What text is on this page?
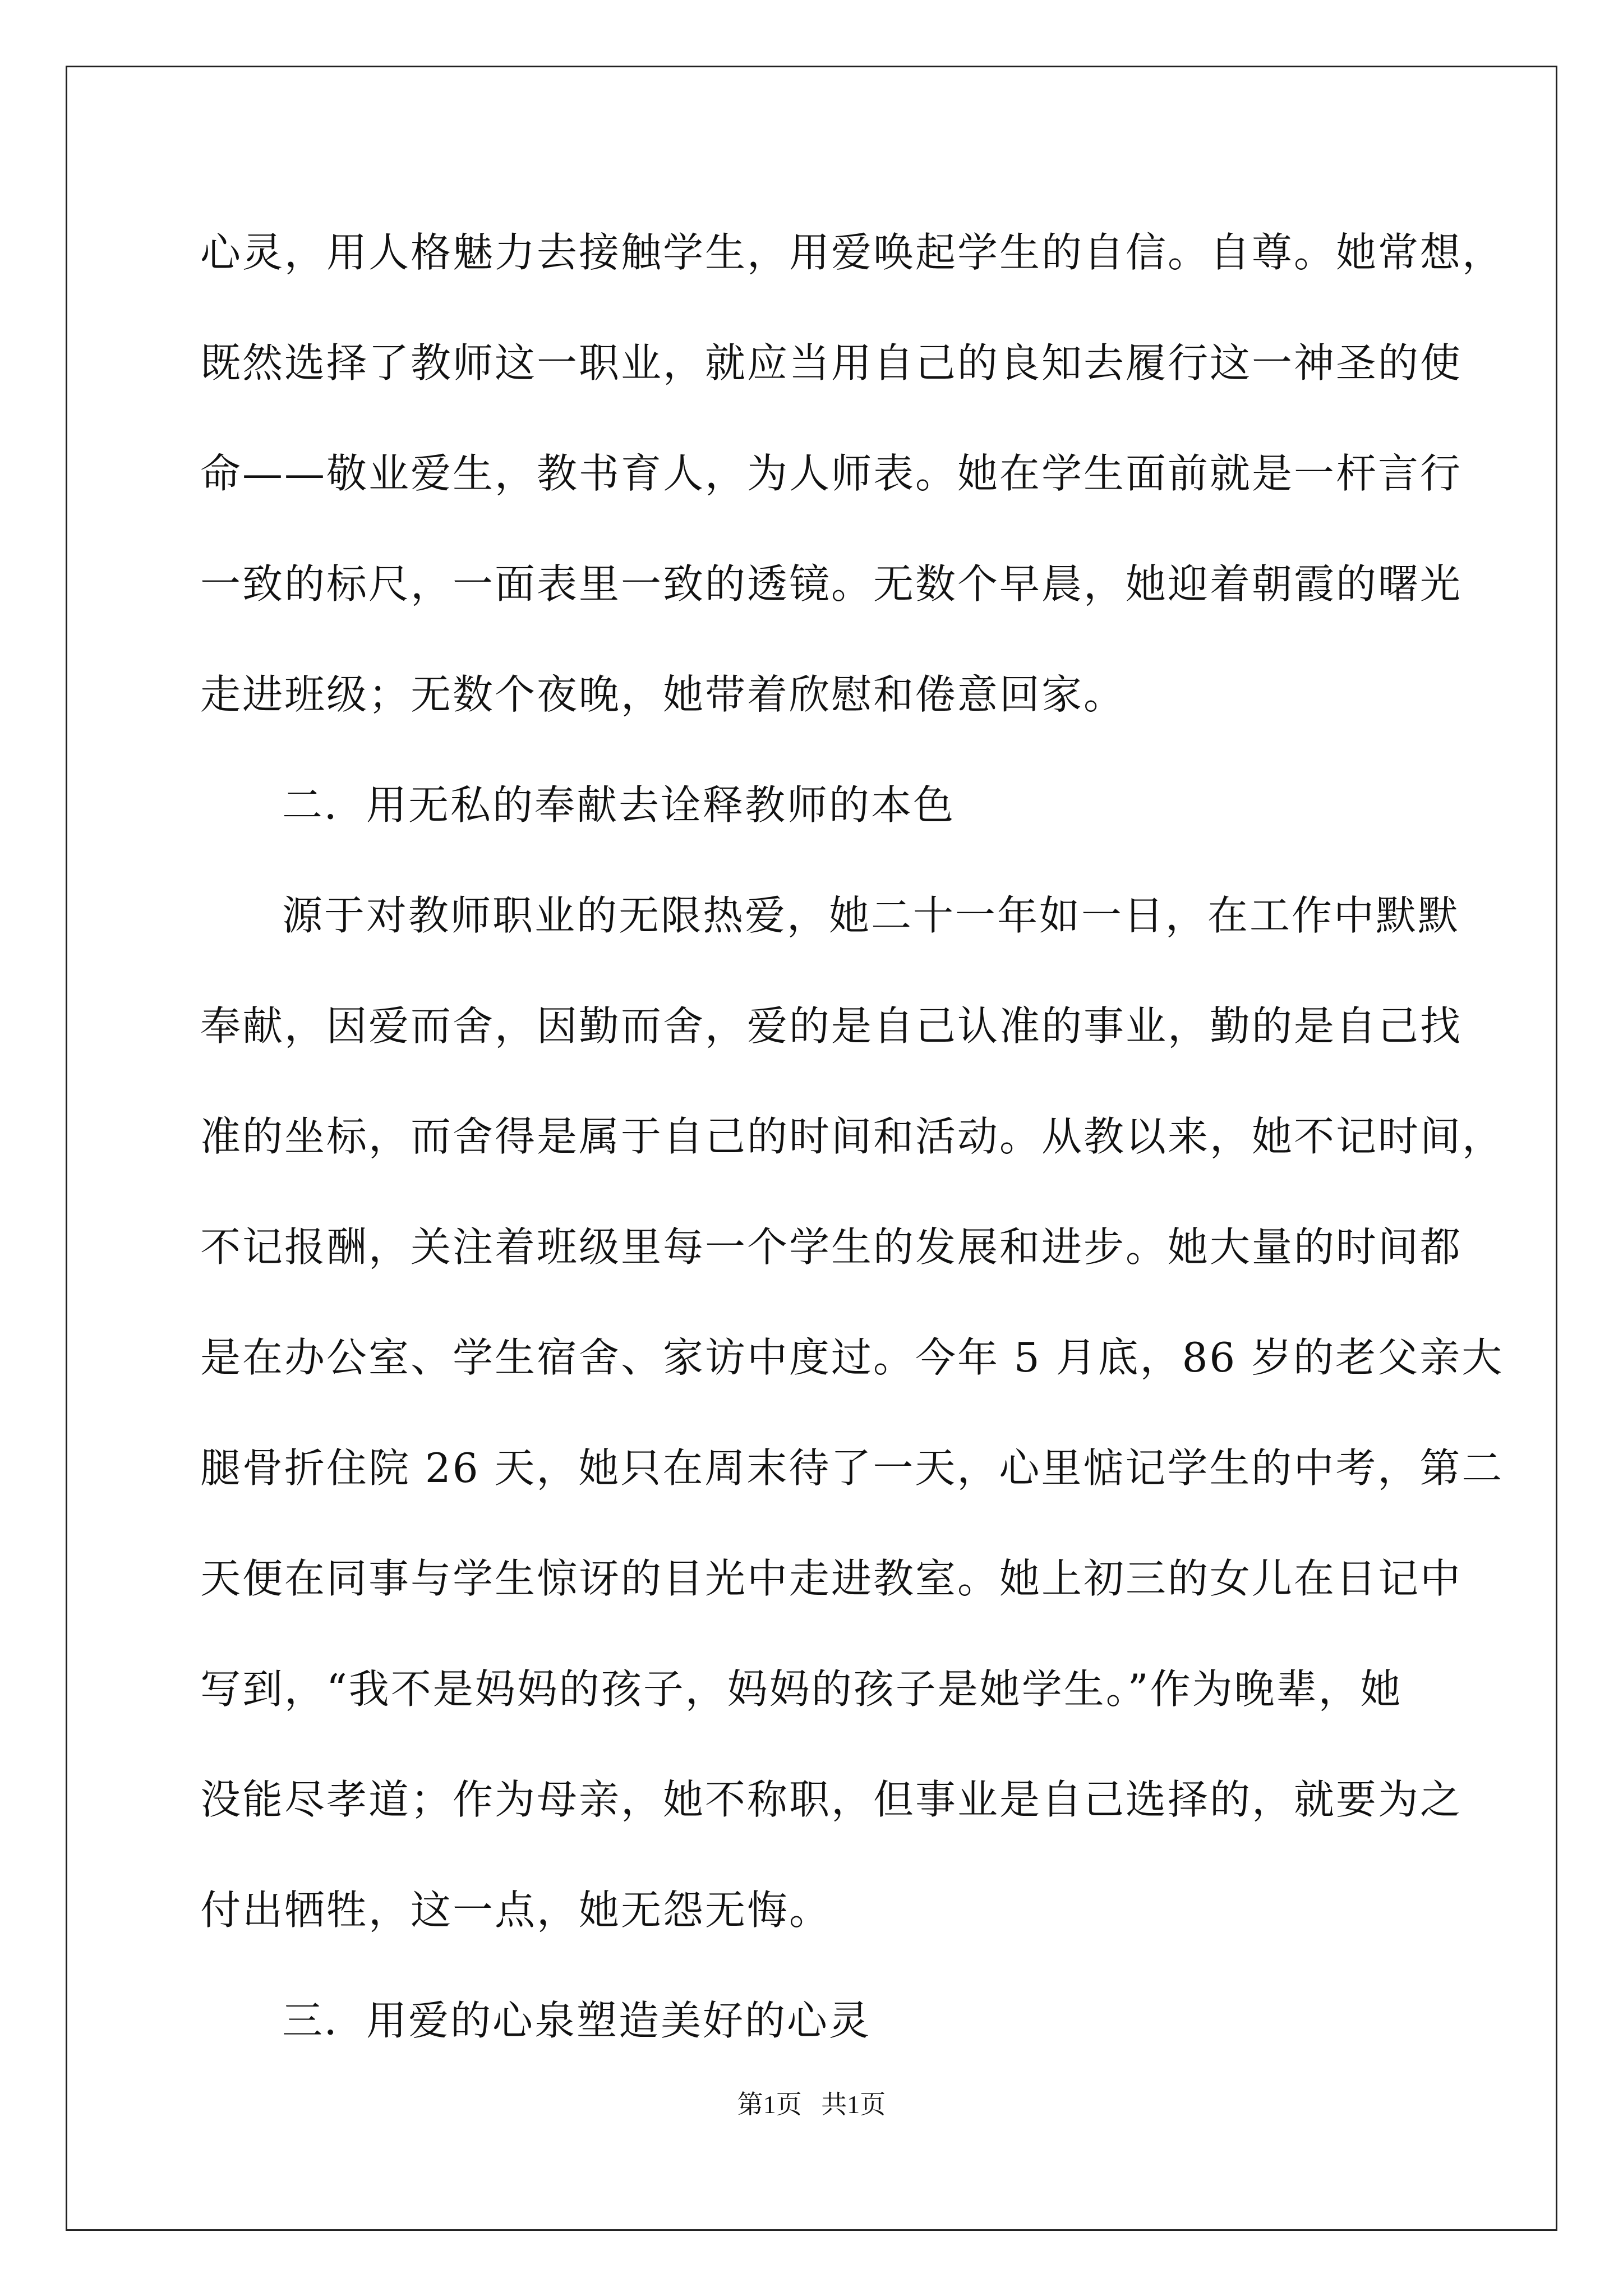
心灵，用人格魅力去接触学生，用爱唤起学生的自信。自尊。她常想，
既然选择了教师这一职业，就应当用自己的良知去履行这一神圣的使
命——敬业爱生，教书育人，为人师表。她在学生面前就是一杆言行
一致的标尺，一面表里一致的透镜。无数个早晨，她迎着朝霞的曙光
走进班级；无数个夜晚，她带着欣慰和倦意回家。
二．用无私的奉献去诠释教师的本色
源于对教师职业的无限热爱，她二十一年如一日，在工作中默默
奉献，因爱而舍，因勤而舍，爱的是自己认准的事业，勤的是自己找
准的坐标，而舍得是属于自己的时间和活动。从教以来，她不记时间，
不记报酬，关注着班级里每一个学生的发展和进步。她大量的时间都
是在办公室、学生宿舍、家访中度过。今年 5 月底，86 岁的老父亲大
腿骨折住院 26 天，她只在周末待了一天，心里惦记学生的中考，第二
天便在同事与学生惊讶的目光中走进教室。她上初三的女儿在日记中
写到，“我不是妈妈的孩子，妈妈的孩子是她学生。”作为晚辈，她
没能尽孝道；作为母亲，她不称职，但事业是自己选择的，就要为之
付出牺牲，这一点，她无怨无悔。
三．用爱的心泉塑造美好的心灵
第1页   共1页
